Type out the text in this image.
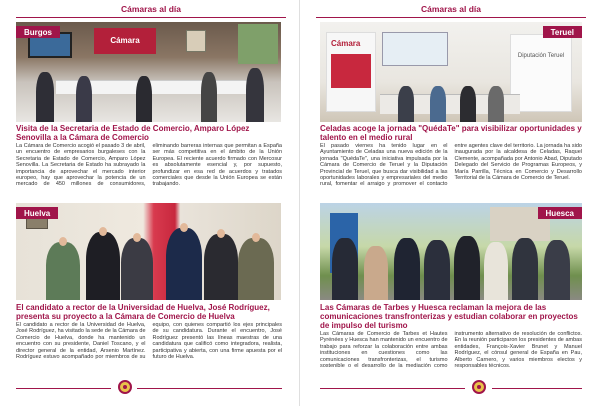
Cámaras al día
Cámara
Burgos
Visita de la Secretaria de Estado de Comercio, Amparo López Senovilla a la Cámara de Comercio
La Cámara de Comercio acogió el pasado 3 de abril, un encuentro de empresarios burgaleses con la Secretaria de Estado de Comercio, Amparo López Senovilla. La Secretaria de Estado ha subrayado la importancia de aprovechar el mercado interior europeo, hay que aprovechar la potencia de un mercado de 450 millones de consumidores, eliminando barreras internas que permitan a España ser más competitiva en el ámbito de la Unión Europea. El reciente acuerdo firmado con Mercosur es absolutamente esencial y, por supuesto, profundizar en esa red de acuerdos y tratados comerciales que desde la Unión Europea se están trabajando.
Huelva
El candidato a rector de la Universidad de Huelva, José Rodríguez, presenta su proyecto a la Cámara de Comercio de Huelva
El candidato a rector de la Universidad de Huelva, José Rodríguez, ha visitado la sede de la Cámara de Comercio de Huelva, donde ha mantenido un encuentro con su presidente, Daniel Toscano, y el director general de la entidad, Arsenio Martínez. Rodríguez estuvo acompañado por miembros de su equipo, con quienes compartió los ejes principales de su candidatura. Durante el encuentro, José Rodríguez presentó las líneas maestras de una candidatura que calificó como integradora, realista, participativa y abierta, con una firme apuesta por el futuro de Huelva.
Cámaras al día
Cámara
Diputación Teruel
Teruel
Celadas acoge la jornada "QuédaTe" para visibilizar oportunidades y talento en el medio rural
El pasado viernes ha tenido lugar en el Ayuntamiento de Celadas una nueva edición de la jornada "QuédaTe", una iniciativa impulsada por la Cámara de Comercio de Teruel y la Diputación Provincial de Teruel, que busca dar visibilidad a las oportunidades laborales y empresariales del medio rural, fomentar el arraigo y promover el contacto entre agentes clave del territorio. La jornada ha sido inaugurada por la alcaldesa de Celadas, Raquel Clemente, acompañada por Antonio Abad, Diputado Delegado del Servicio de Programas Europeos, y María Parrilla, Técnica en Comercio y Desarrollo Territorial de la Cámara de Comercio de Teruel.
Huesca
Las Cámaras de Tarbes y Huesca reclaman la mejora de las comunicaciones transfronterizas y estudian colaborar en proyectos de impulso del turismo
Las Cámaras de Comercio de Tarbes et Hautes Pyrénées y Huesca han mantenido un encuentro de trabajo para reforzar la colaboración entre ambas instituciones en cuestiones como las comunicaciones transfronterizas, el turismo sostenible o el desarrollo de la mediación como instrumento alternativo de resolución de conflictos. En la reunión participaron los presidentes de ambas entidades, François-Xavier Brunet y Manuel Rodríguez, el cónsul general de España en Pau, Alberto Carnero, y varios miembros electos y responsables técnicos.
